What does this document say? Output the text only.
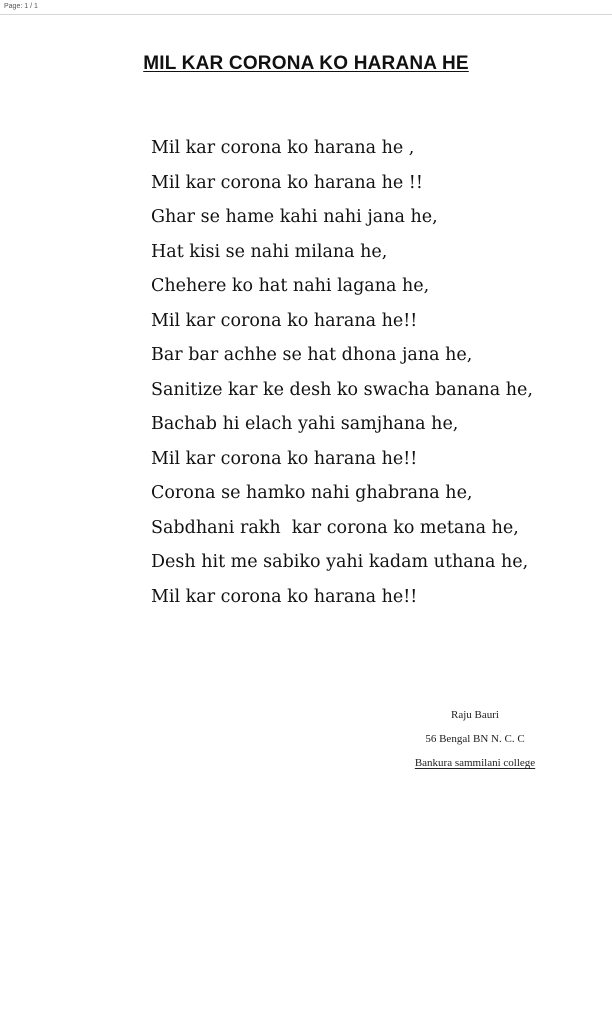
Page: 1 / 1
MIL KAR CORONA KO HARANA HE
Mil kar corona ko harana he ,
Mil kar corona ko harana he !!
Ghar se hame kahi nahi jana he,
Hat kisi se nahi milana he,
Chehere ko hat nahi lagana he,
Mil kar corona ko harana he!!
Bar bar achhe se hat dhona jana he,
Sanitize kar ke desh ko swacha banana he,
Bachab hi elach yahi samjhana he,
Mil kar corona ko harana he!!
Corona se hamko nahi ghabrana he,
Sabdhani rakh  kar corona ko metana he,
Desh hit me sabiko yahi kadam uthana he,
Mil kar corona ko harana he!!
Raju Bauri
56 Bengal BN N. C. C
Bankura sammilani college
